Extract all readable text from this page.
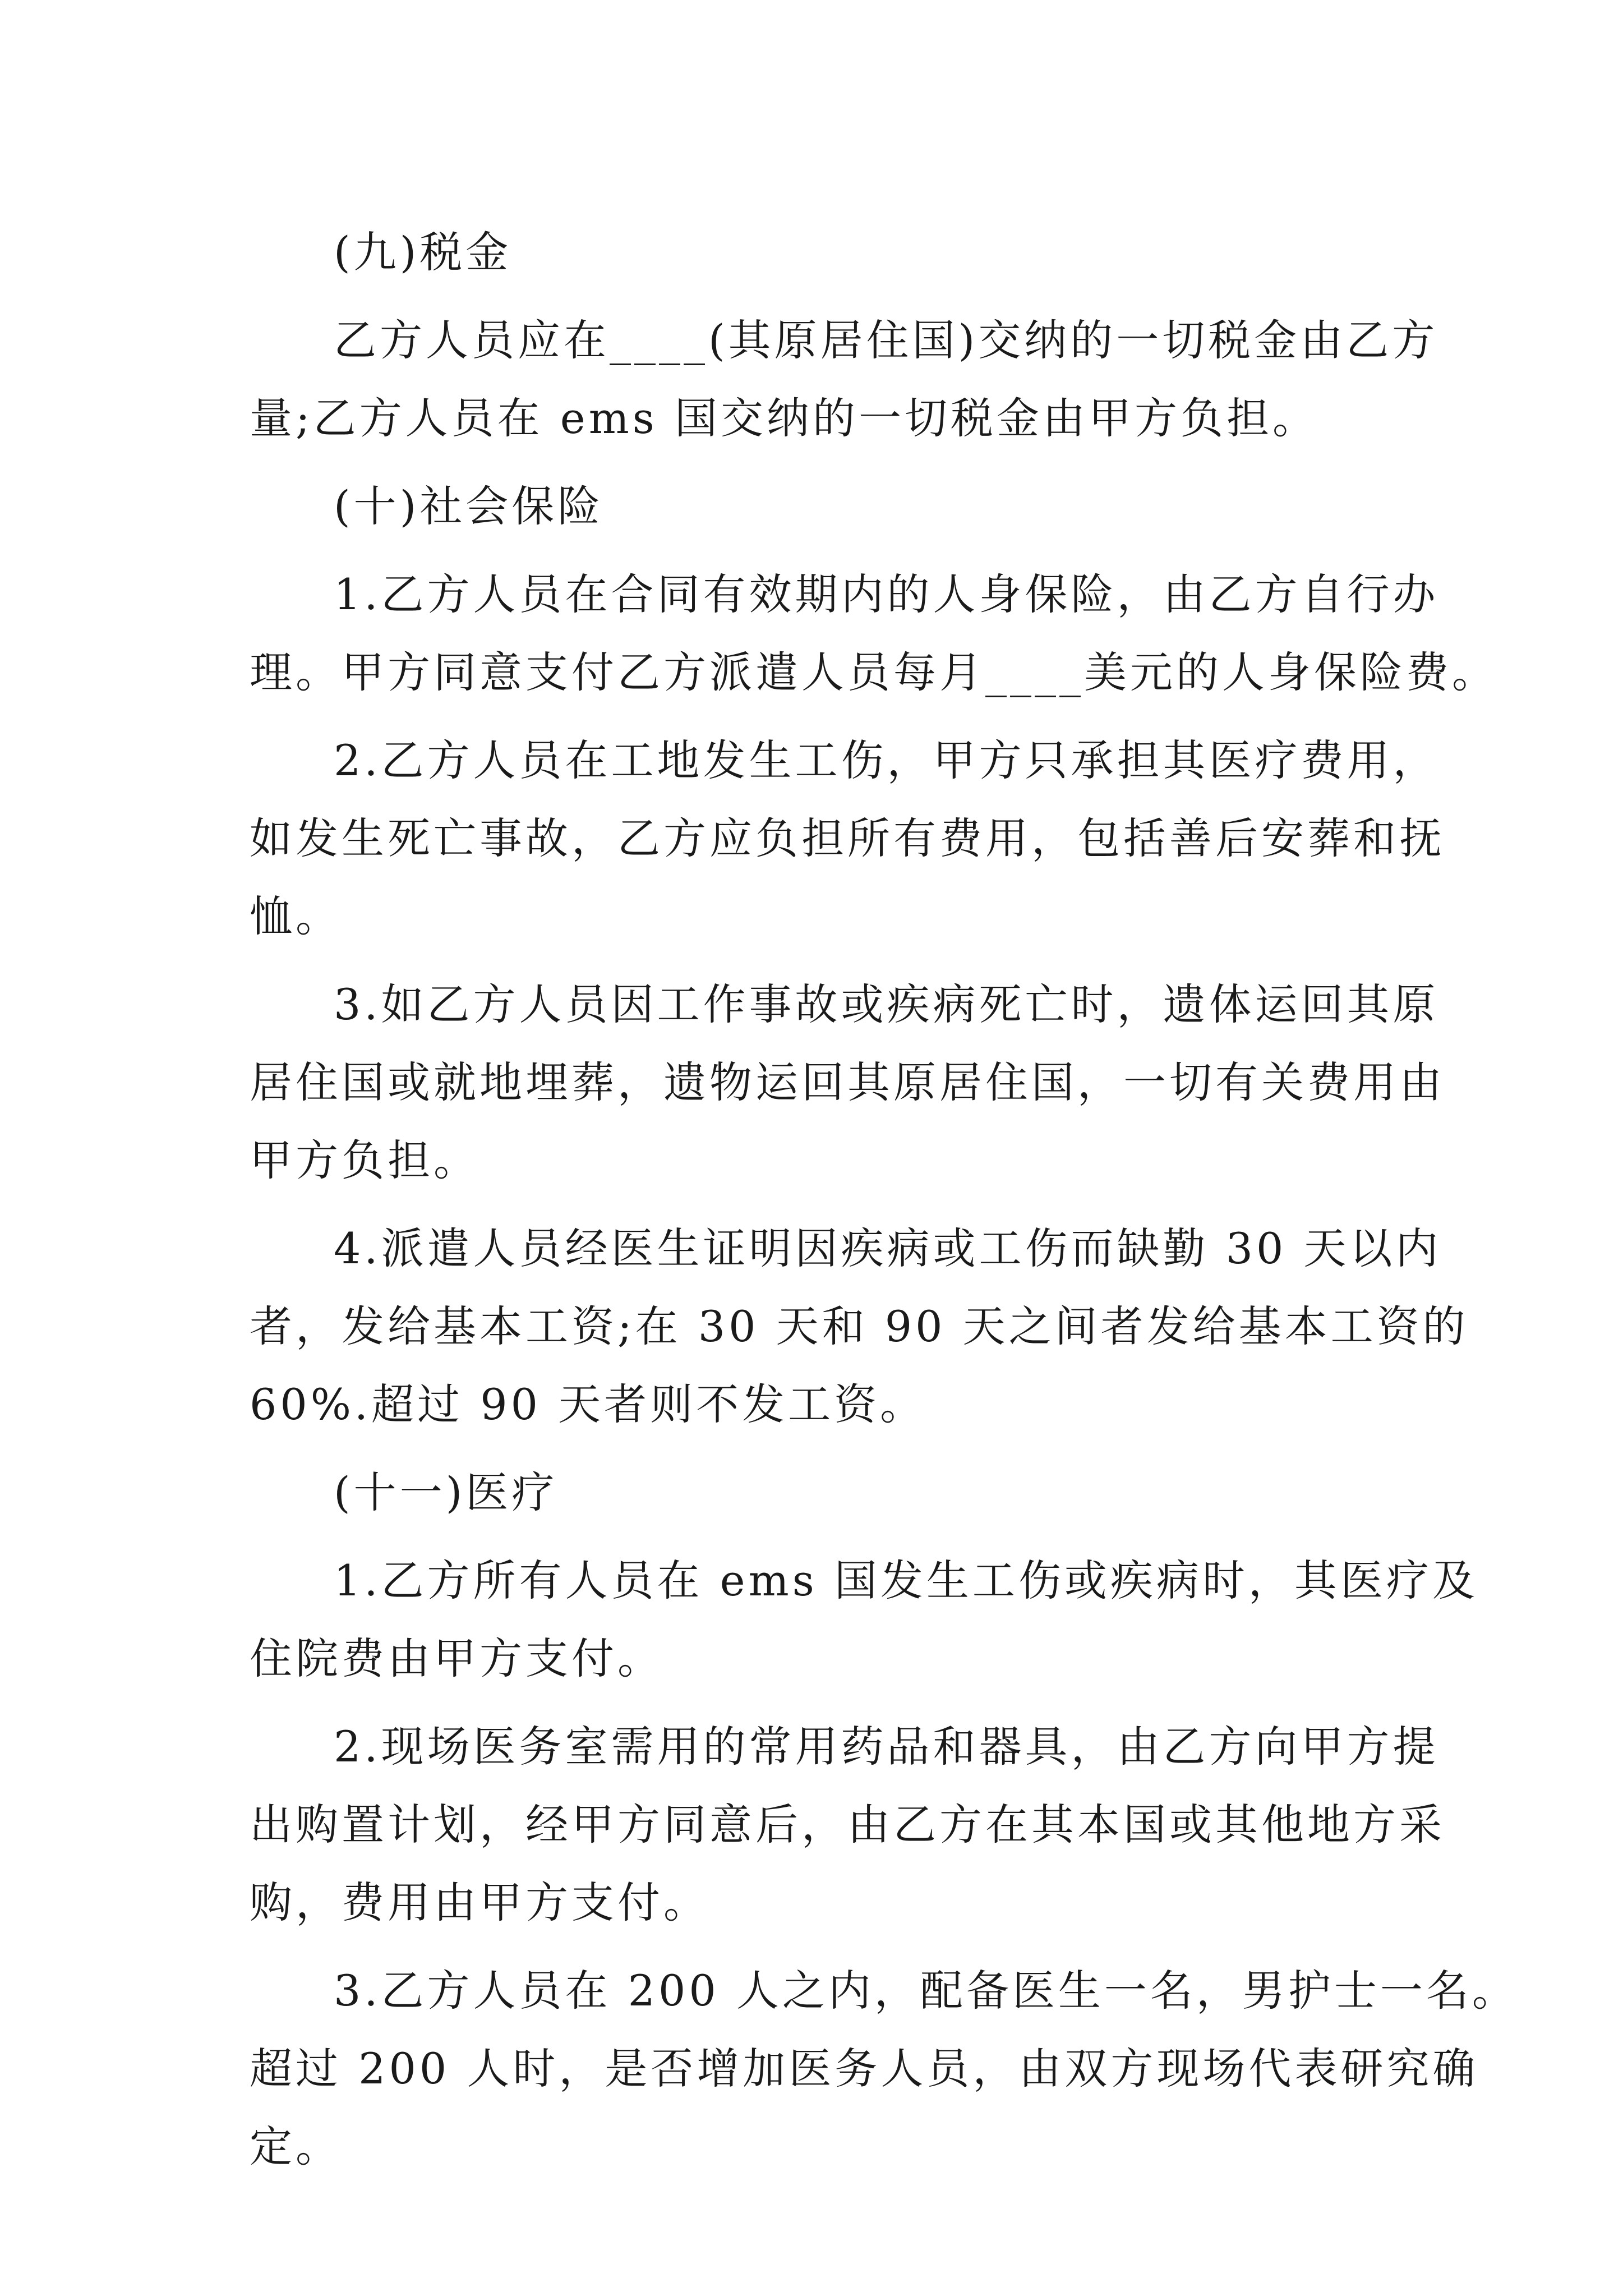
(九)税金
乙方人员应在____(其原居住国)交纳的一切税金由乙方
量;乙方人员在 ems 国交纳的一切税金由甲方负担。
(十)社会保险
1.乙方人员在合同有效期内的人身保险，由乙方自行办
理。甲方同意支付乙方派遣人员每月____美元的人身保险费。
2.乙方人员在工地发生工伤，甲方只承担其医疗费用，
如发生死亡事故，乙方应负担所有费用，包括善后安葬和抚
恤。
3.如乙方人员因工作事故或疾病死亡时，遗体运回其原
居住国或就地埋葬，遗物运回其原居住国，一切有关费用由
甲方负担。
4.派遣人员经医生证明因疾病或工伤而缺勤 30 天以内
者，发给基本工资;在 30 天和 90 天之间者发给基本工资的
60%.超过 90 天者则不发工资。
(十一)医疗
1.乙方所有人员在 ems 国发生工伤或疾病时，其医疗及
住院费由甲方支付。
2.现场医务室需用的常用药品和器具，由乙方向甲方提
出购置计划，经甲方同意后，由乙方在其本国或其他地方采
购，费用由甲方支付。
3.乙方人员在 200 人之内，配备医生一名，男护士一名。
超过 200 人时，是否增加医务人员，由双方现场代表研究确
定。
